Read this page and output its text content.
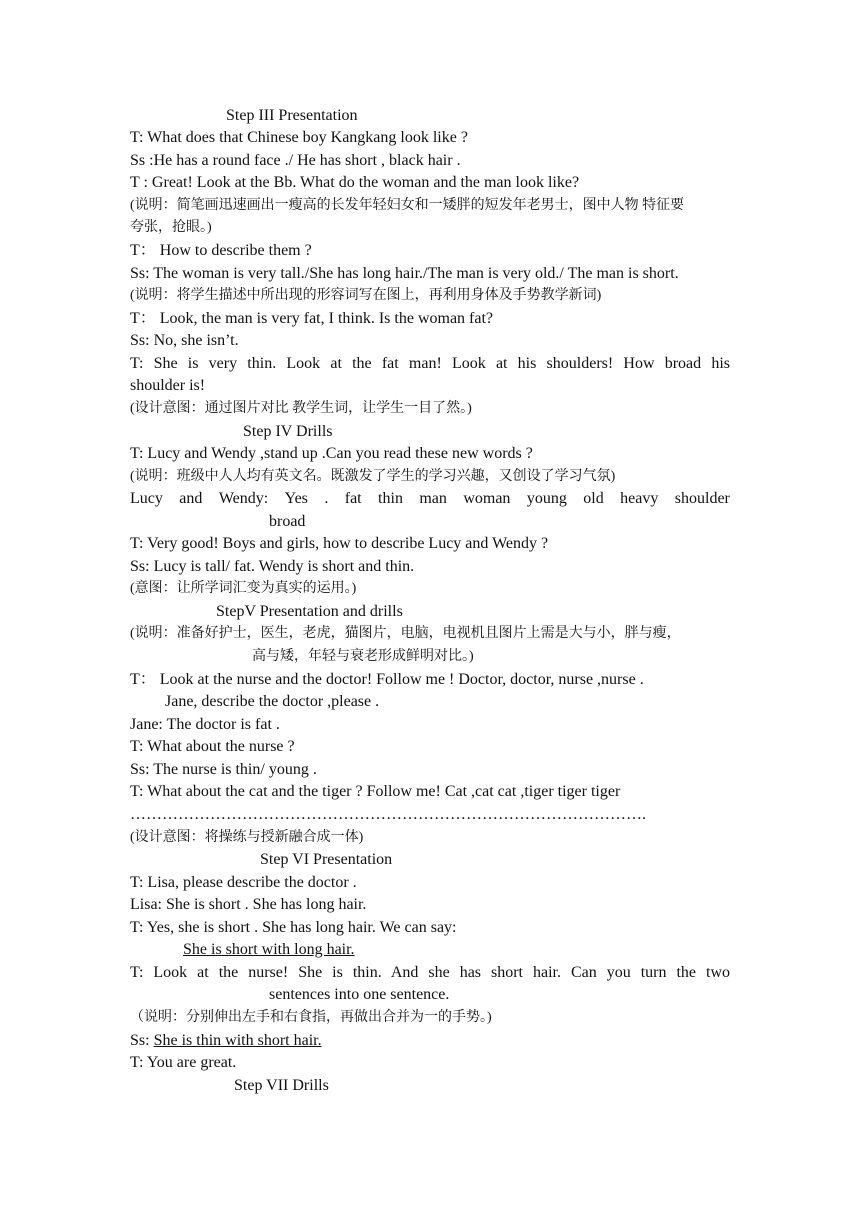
Step III Presentation
T: What does that Chinese boy Kangkang look like ?
Ss :He has a round face ./ He has short , black hair .
T : Great! Look at the Bb. What do the woman and the man look like?
(说明：简笔画迅速画出一瘦高的长发年轻妇女和一矮胖的短发年老男士，图中人物 特征要
夸张，抢眼。)
T： How to describe them ?
Ss: The woman is very tall./She has long hair./The man is very old./ The man is short.
(说明：将学生描述中所出现的形容词写在图上，再利用身体及手势教学新词)
T： Look, the man is very fat, I think. Is the woman fat?
Ss: No, she isn’t.
T: She is very thin. Look at the fat man! Look at his shoulders! How broad his
shoulder is!
(设计意图：通过图片对比 教学生词，让学生一目了然。)
Step IV Drills
T: Lucy and Wendy ,stand up .Can you read these new words ?
(说明：班级中人人均有英文名。既激发了学生的学习兴趣，又创设了学习气氛)
Lucy and Wendy: Yes . fat thin man woman young old heavy shoulder
broad
T: Very good! Boys and girls, how to describe Lucy and Wendy ?
Ss: Lucy is tall/ fat. Wendy is short and thin.
(意图：让所学词汇变为真实的运用。)
StepV Presentation and drills
(说明：准备好护士，医生，老虎，猫图片，电脑，电视机且图片上需是大与小，胖与瘦，
高与矮，年轻与衰老形成鲜明对比。)
T： Look at the nurse and the doctor! Follow me ! Doctor, doctor, nurse ,nurse .
Jane, describe the doctor ,please .
Jane: The doctor is fat .
T: What about the nurse ?
Ss: The nurse is thin/ young .
T: What about the cat and the tiger ? Follow me! Cat ,cat cat ,tiger tiger tiger
…………………………………………………………………………………….
(设计意图：将操练与授新融合成一体)
Step VI Presentation
T: Lisa, please describe the doctor .
Lisa: She is short . She has long hair.
T: Yes, she is short . She has long hair. We can say:
She is short with long hair.
T: Look at the nurse! She is thin. And she has short hair. Can you turn the two
sentences into one sentence.
（说明：分别伸出左手和右食指，再做出合并为一的手势。)
Ss: She is thin with short hair.
T: You are great.
Step VII Drills
